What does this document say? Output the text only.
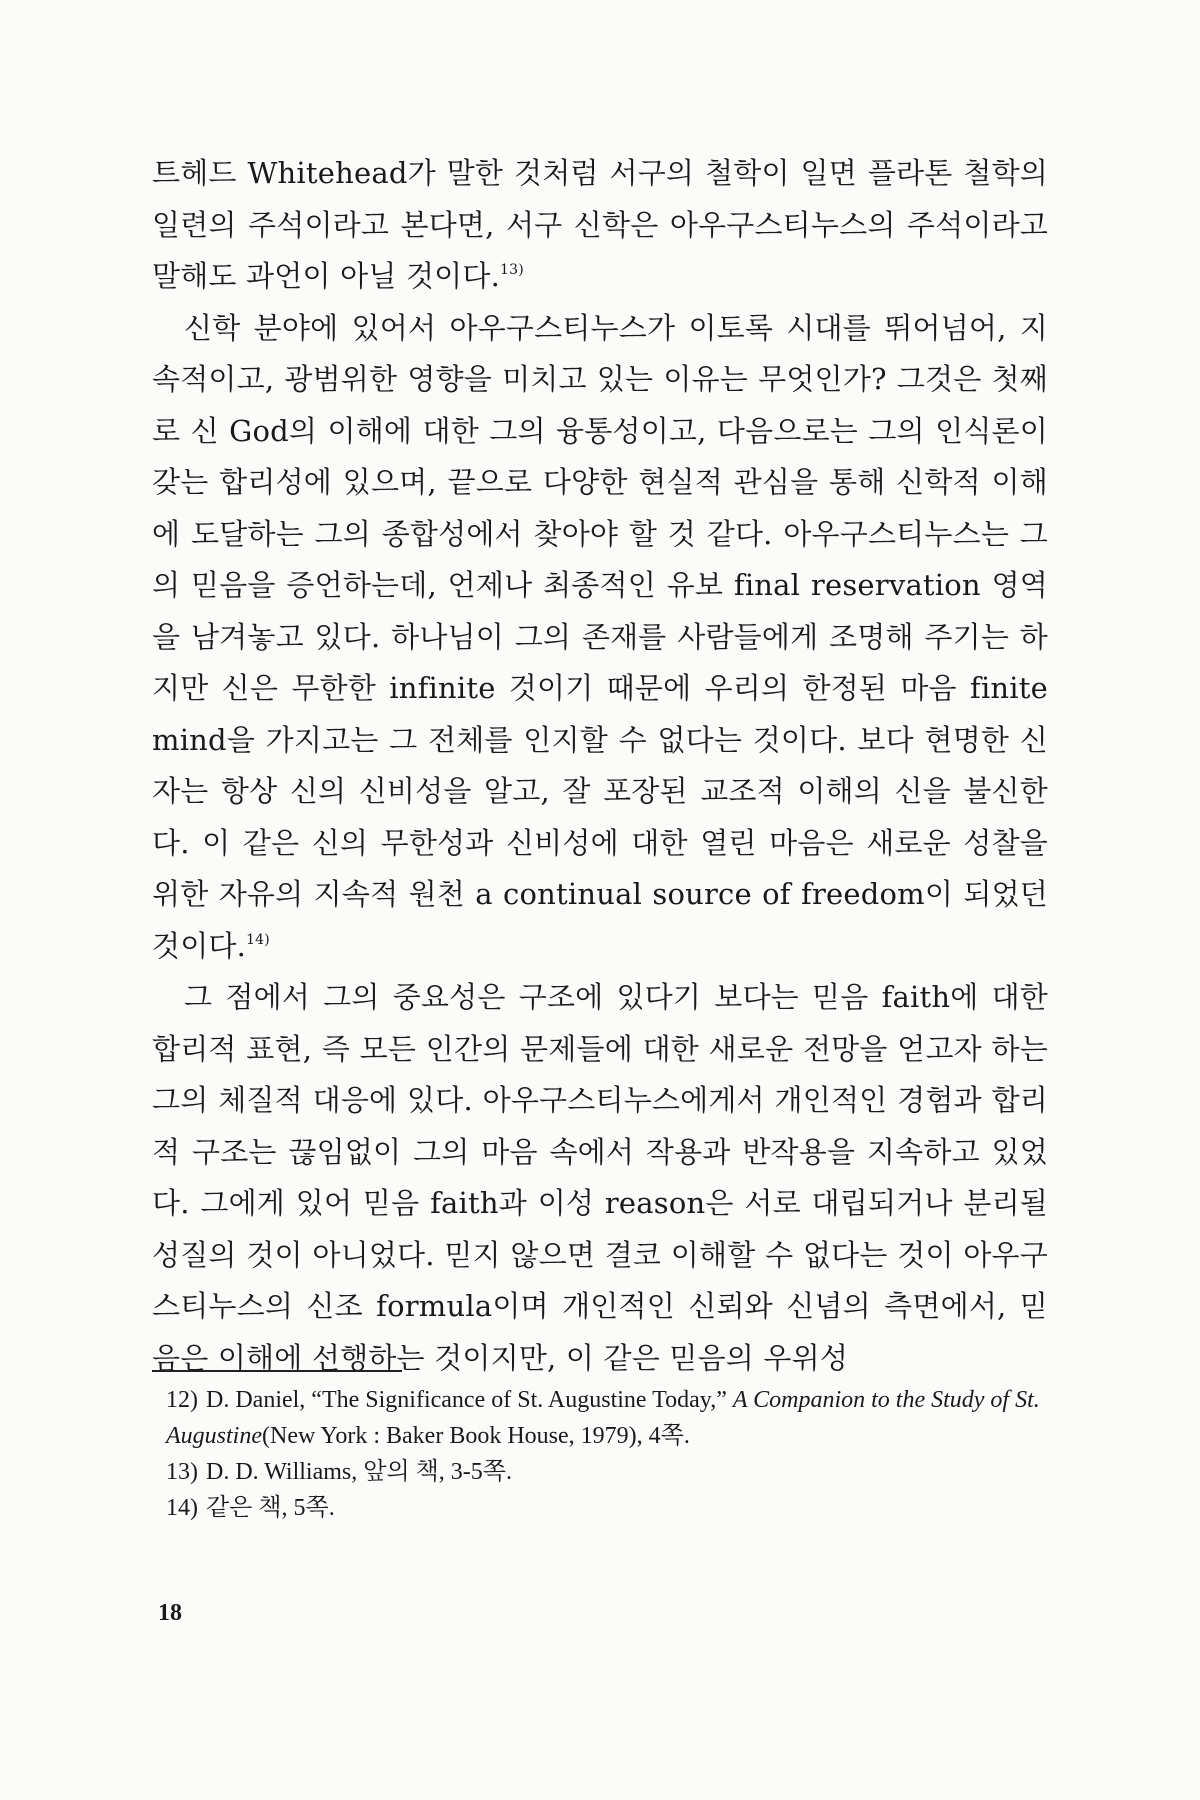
트헤드 Whitehead가 말한 것처럼 서구의 철학이 일면 플라톤 철학의 일련의 주석이라고 본다면, 서구 신학은 아우구스티누스의 주석이라고 말해도 과언이 아닐 것이다.$^{13)}$

신학 분야에 있어서 아우구스티누스가 이토록 시대를 뛰어넘어, 지속적이고, 광범위한 영향을 미치고 있는 이유는 무엇인가? 그것은 첫째로 신 God의 이해에 대한 그의 융통성이고, 다음으로는 그의 인식론이 갖는 합리성에 있으며, 끝으로 다양한 현실적 관심을 통해 신학적 이해에 도달하는 그의 종합성에서 찾아야 할 것 같다. 아우구스티누스는 그의 믿음을 증언하는데, 언제나 최종적인 유보 final reservation 영역을 남겨놓고 있다. 하나님이 그의 존재를 사람들에게 조명해 주기는 하지만 신은 무한한 infinite 것이기 때문에 우리의 한정된 마음 finite mind을 가지고는 그 전체를 인지할 수 없다는 것이다. 보다 현명한 신자는 항상 신의 신비성을 알고, 잘 포장된 교조적 이해의 신을 불신한다. 이 같은 신의 무한성과 신비성에 대한 열린 마음은 새로운 성찰을 위한 자유의 지속적 원천 a continual source of freedom이 되었던 것이다.$^{14)}$

그 점에서 그의 중요성은 구조에 있다기 보다는 믿음 faith에 대한 합리적 표현, 즉 모든 인간의 문제들에 대한 새로운 전망을 얻고자 하는 그의 체질적 대응에 있다. 아우구스티누스에게서 개인적인 경험과 합리적 구조는 끊임없이 그의 마음 속에서 작용과 반작용을 지속하고 있었다. 그에게 있어 믿음 faith과 이성 reason은 서로 대립되거나 분리될 성질의 것이 아니었다. 믿지 않으면 결코 이해할 수 없다는 것이 아우구스티누스의 신조 formula이며 개인적인 신뢰와 신념의 측면에서, 믿음은 이해에 선행하는 것이지만, 이 같은 믿음의 우위성

12) D. Daniel, “The Significance of St. Augustine Today,” A Companion to the Study of St. Augustine(New York : Baker Book House, 1979), 4쪽.

13) D. D. Williams, 앞의 책, 3-5쪽.

14) 같은 책, 5쪽.

18
